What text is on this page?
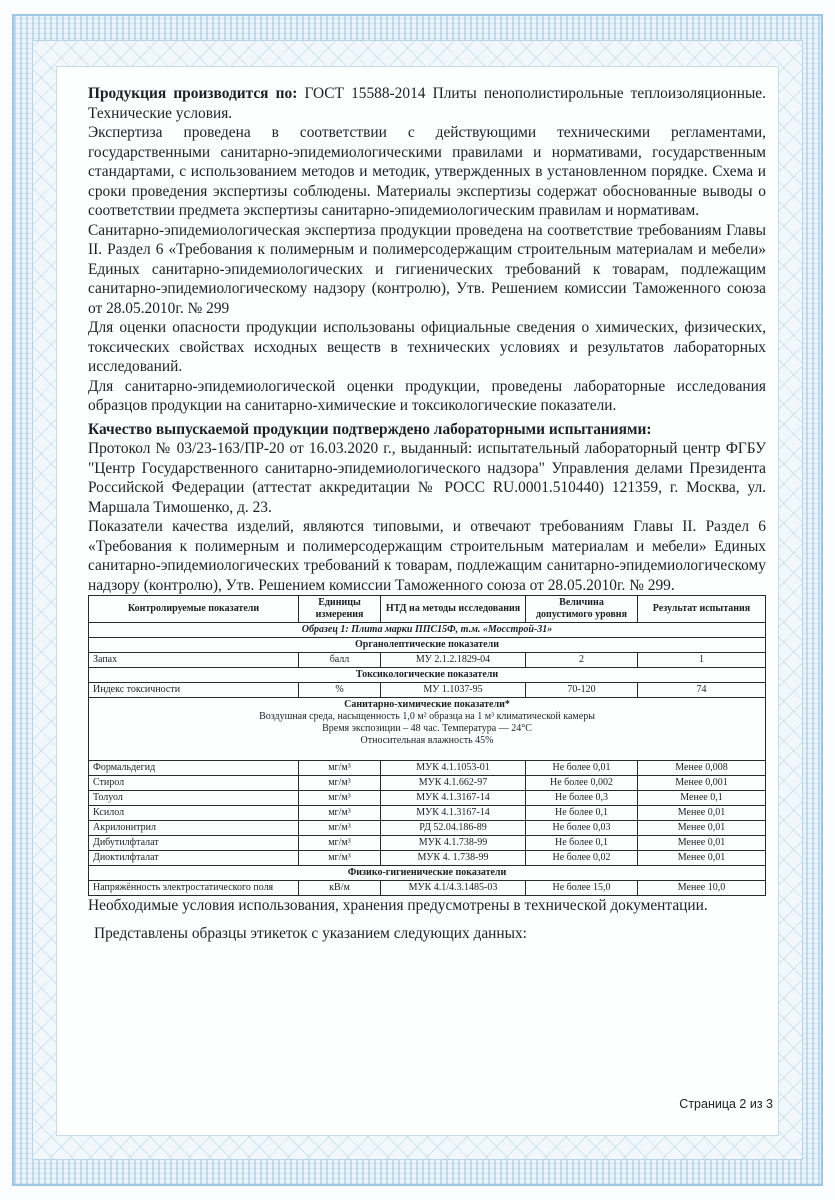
Продукция производится по: ГОСТ 15588-2014 Плиты пенополистирольные теплоизоляционные. Технические условия.

Экспертиза проведена в соответствии с действующими техническими регламентами, государственными санитарно-эпидемиологическими правилами и нормативами, государственным стандартами, с использованием методов и методик, утвержденных в установленном порядке. Схема и сроки проведения экспертизы соблюдены. Материалы экспертизы содержат обоснованные выводы о соответствии предмета экспертизы санитарно-эпидемиологическим правилам и нормативам.

Санитарно-эпидемиологическая экспертиза продукции проведена на соответствие требованиям Главы II. Раздел 6 «Требования к полимерным и полимерсодержащим строительным материалам и мебели» Единых санитарно-эпидемиологических и гигиенических требований к товарам, подлежащим санитарно-эпидемиологическому надзору (контролю), Утв. Решением комиссии Таможенного союза от 28.05.2010г. № 299

Для оценки опасности продукции использованы официальные сведения о химических, физических, токсических свойствах исходных веществ в технических условиях и результатов лабораторных исследований.

Для санитарно-эпидемиологической оценки продукции, проведены лабораторные исследования образцов продукции на санитарно-химические и токсикологические показатели.

Качество выпускаемой продукции подтверждено лабораторными испытаниями:

Протокол № 03/23-163/ПР-20 от 16.03.2020 г., выданный: испытательный лабораторный центр ФГБУ "Центр Государственного санитарно-эпидемиологического надзора" Управления делами Президента Российской Федерации (аттестат аккредитации № РОСС RU.0001.510440) 121359, г. Москва, ул. Маршала Тимошенко, д. 23.

Показатели качества изделий, являются типовыми, и отвечают требованиям Главы II. Раздел 6 «Требования к полимерным и полимерсодержащим строительным материалам и мебели» Единых санитарно-эпидемиологических требований к товарам, подлежащим санитарно-эпидемиологическому надзору (контролю), Утв. Решением комиссии Таможенного союза от 28.05.2010г. № 299.

Контролируемые показатели	Единицы измерения	НТД на методы исследования	Величина допустимого уровня	Результат испытания
Образец 1: Плита марки ППС15Ф, т.м. «Мосстрой-31»				
Органолептические показатели				
Запах	балл	МУ 2.1.2.1829-04	2	1
Токсикологические показатели				
Индекс токсичности	%	МУ 1.1037-95	70-120	74

Санитарно-химические показатели*
Воздушная среда, насыщенность 1,0 м² образца на 1 м³ климатической камеры
Время экспозиции – 48 час. Температура — 24°С
Относительная влажность 45%				

Формальдегид	мг/м³	МУК 4.1.1053-01	Не более 0,01	Менее 0,008
Стирол	мг/м³	МУК 4.1.662-97	Не более 0,002	Менее 0,001
Толуол	мг/м³	МУК 4.1.3167-14	Не более 0,3	Менее 0,1
Ксилол	мг/м³	МУК 4.1.3167-14	Не более 0,1	Менее 0,01
Акрилонитрил	мг/м³	РД 52.04.186-89	Не более 0,03	Менее 0,01
Дибутилфталат	мг/м³	МУК 4.1.738-99	Не более 0,1	Менее 0,01
Диоктилфталат	мг/м³	МУК 4. 1.738-99	Не более 0,02	Менее 0,01
Физико-гигиенические показатели				
Напряжённость электростатического поля	кВ/м	МУК 4.1/4.3.1485-03	Не более 15,0	Менее 10,0

Необходимые условия использования, хранения предусмотрены в технической документации.

Представлены образцы этикеток с указанием следующих данных:

Страница 2 из 3
